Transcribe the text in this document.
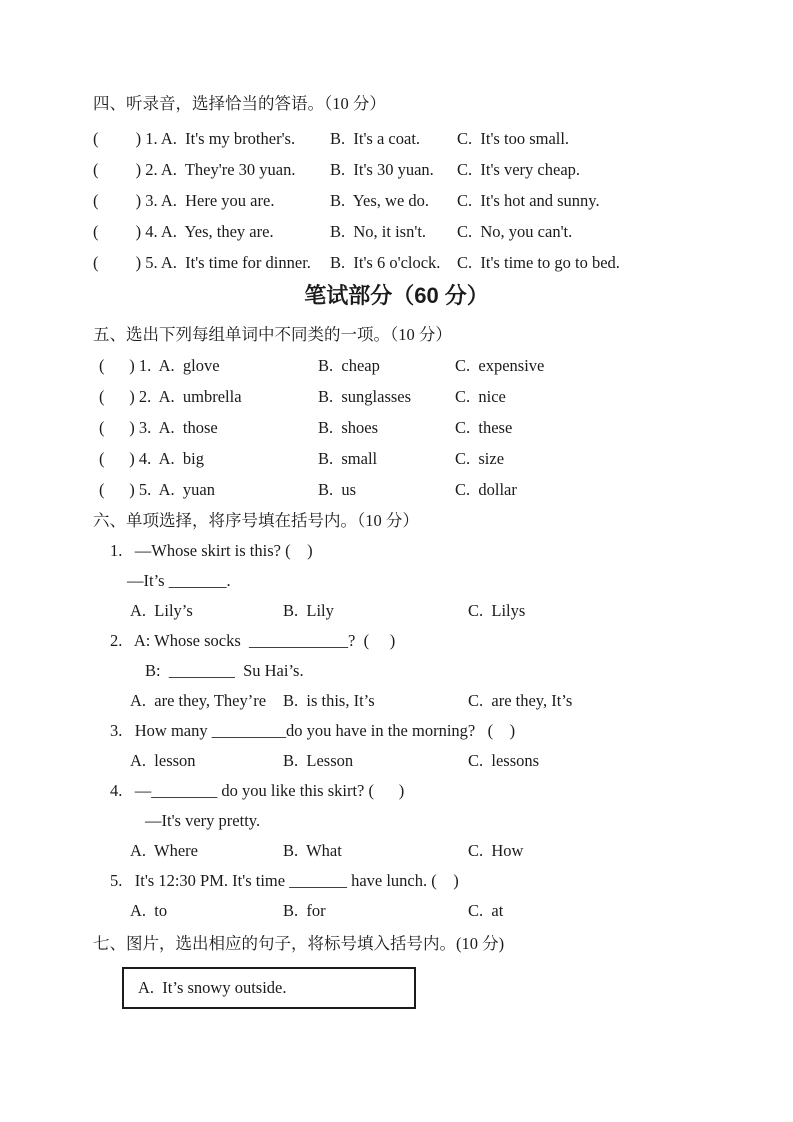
四、听录音，选择恰当的答语。（10 分）
(         ) 1. A.  It's my brother's.	B.  It's a coat.	C.  It's too small.
(         ) 2. A.  They're 30 yuan.	B.  It's 30 yuan.	C.  It's very cheap.
(         ) 3. A.  Here you are.	B.  Yes, we do.	C.  It's hot and sunny.
(         ) 4. A.  Yes, they are.	B.  No, it isn't.	C.  No, you can't.
(         ) 5. A.  It's time for dinner.	B.  It's 6 o'clock.	C.  It's time to go to bed.
笔试部分（60 分）
五、选出下列每组单词中不同类的一项。（10 分）
(      ) 1.  A.  glove	B.  cheap	C.  expensive
(      ) 2.  A.  umbrella	B.  sunglasses	C.  nice
(      ) 3.  A.  those	B.  shoes	C.  these
(      ) 4.  A.  big	B.  small	C.  size
(      ) 5.  A.  yuan	B.  us	C.  dollar
六、单项选择，将序号填在括号内。（10 分）
1.   —Whose skirt is this? (    )
—It’s _______.
A.  Lily’s	B.  Lily	C.  Lilys
2.   A: Whose socks  ____________?  (     )
B:  ________  Su Hai’s.
A.  are they, They’re	B.  is this, It’s	C.  are they, It’s
3.   How many _________do you have in the morning?   (    )
A.  lesson	B.  Lesson	C.  lessons
4.   —________ do you like this skirt? (      )
—It's very pretty.
A.  Where	B.  What	C.  How
5.   It's 12:30 PM. It's time _______ have lunch. (    )
A.  to	B.  for	C.  at
七、图片，选出相应的句子，将标号填入括号内。(10 分)
A.  It’s snowy outside.
